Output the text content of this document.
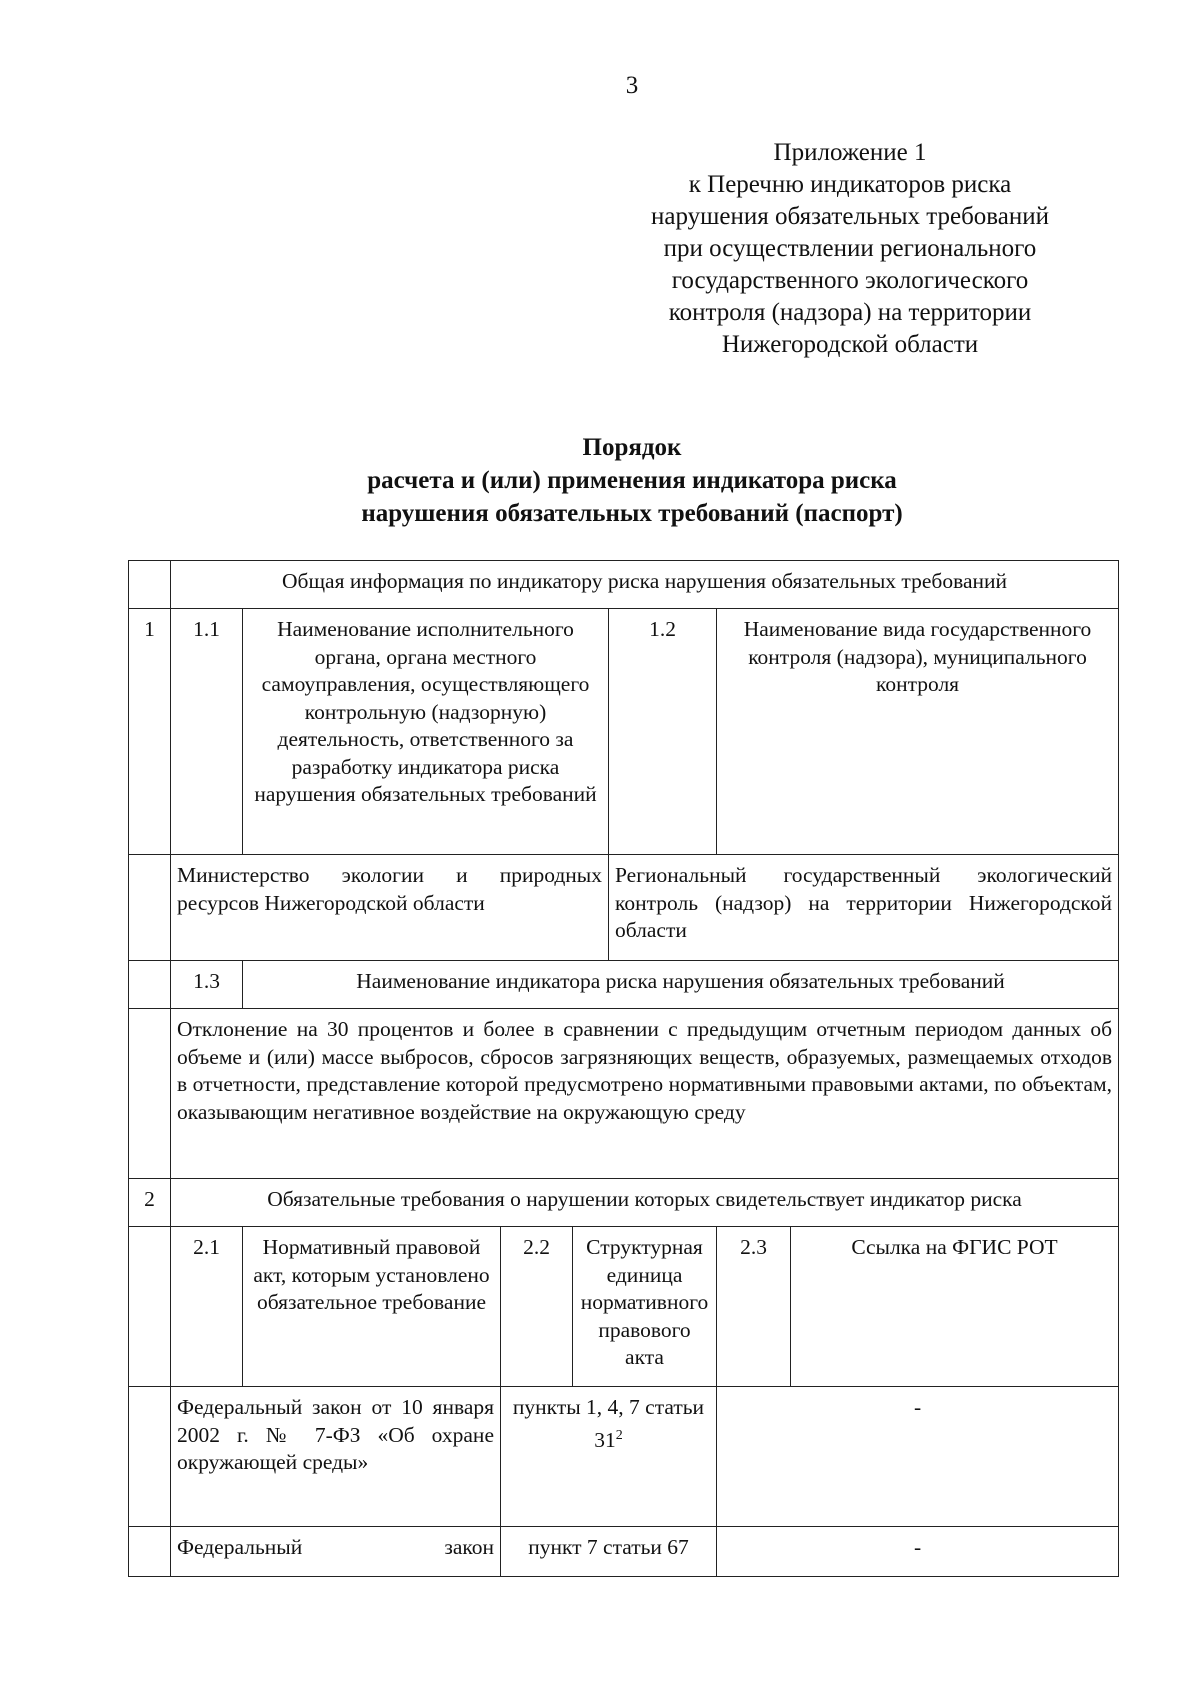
3
Приложение 1
к Перечню индикаторов риска
нарушения обязательных требований
при осуществлении регионального
государственного экологического
контроля (надзора) на территории
Нижегородской области
Порядок
расчета и (или) применения индикатора риска
нарушения обязательных требований (паспорт)
	Общая информация по индикатору риска нарушения обязательных требований						
1	1.1	Наименование исполнительного органа, органа местного самоуправления, осуществляющего контрольную (надзорную) деятельность, ответственного за разработку индикатора риска нарушения обязательных требований			1.2	Наименование вида государственного контроля (надзора), муниципального контроля	
	Министерство экологии и природных ресурсов Нижегородской области				Региональный государственный экологический контроль (надзор) на территории Нижегородской области		
	1.3	Наименование индикатора риска нарушения обязательных требований					
	Отклонение на 30 процентов и более в сравнении с предыдущим отчетным периодом данных об объеме и (или) массе выбросов, сбросов загрязняющих веществ, образуемых, размещаемых отходов в отчетности, представление которой предусмотрено нормативными правовыми актами, по объектам, оказывающим негативное воздействие на окружающую среду						
2	Обязательные требования о нарушении которых свидетельствует индикатор риска						
	2.1	Нормативный правовой акт, которым установлено обязательное требование	2.2	Структурная единица нормативного правового акта		2.3	Ссылка на ФГИС РОТ
	Федеральный закон от 10 января 2002 г. № 7-ФЗ «Об охране окружающей среды»		пункты 1, 4, 7 статьи $31^2$			-	
	Федеральный закон		пункт 7 статьи 67			-	
